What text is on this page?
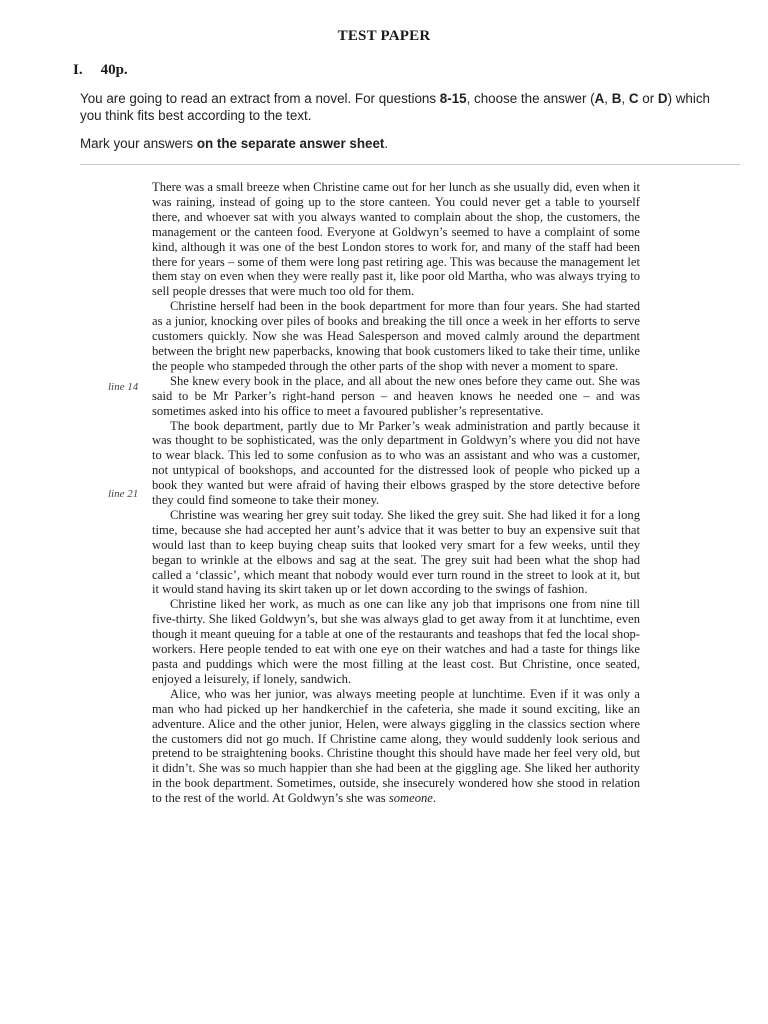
TEST PAPER
I. 40p.
You are going to read an extract from a novel. For questions 8-15, choose the answer (A, B, C or D) which you think fits best according to the text.
Mark your answers on the separate answer sheet.
line 14
line 21

There was a small breeze when Christine came out for her lunch as she usually did, even when it was raining, instead of going up to the store canteen. You could never get a table to yourself there, and whoever sat with you always wanted to complain about the shop, the customers, the management or the canteen food. Everyone at Goldwyn’s seemed to have a complaint of some kind, although it was one of the best London stores to work for, and many of the staff had been there for years – some of them were long past retiring age. This was because the management let them stay on even when they were really past it, like poor old Martha, who was always trying to sell people dresses that were much too old for them.

Christine herself had been in the book department for more than four years. She had started as a junior, knocking over piles of books and breaking the till once a week in her efforts to serve customers quickly. Now she was Head Salesperson and moved calmly around the department between the bright new paperbacks, knowing that book customers liked to take their time, unlike the people who stampeded through the other parts of the shop with never a moment to spare.

She knew every book in the place, and all about the new ones before they came out. She was said to be Mr Parker’s right-hand person – and heaven knows he needed one – and was sometimes asked into his office to meet a favoured publisher’s representative.

The book department, partly due to Mr Parker’s weak administration and partly because it was thought to be sophisticated, was the only department in Goldwyn’s where you did not have to wear black. This led to some confusion as to who was an assistant and who was a customer, not untypical of bookshops, and accounted for the distressed look of people who picked up a book they wanted but were afraid of having their elbows grasped by the store detective before they could find someone to take their money.

Christine was wearing her grey suit today. She liked the grey suit. She had liked it for a long time, because she had accepted her aunt’s advice that it was better to buy an expensive suit that would last than to keep buying cheap suits that looked very smart for a few weeks, until they began to wrinkle at the elbows and sag at the seat. The grey suit had been what the shop had called a ‘classic’, which meant that nobody would ever turn round in the street to look at it, but it would stand having its skirt taken up or let down according to the swings of fashion.

Christine liked her work, as much as one can like any job that imprisons one from nine till five-thirty. She liked Goldwyn’s, but she was always glad to get away from it at lunchtime, even though it meant queuing for a table at one of the restaurants and teashops that fed the local shop-workers. Here people tended to eat with one eye on their watches and had a taste for things like pasta and puddings which were the most filling at the least cost. But Christine, once seated, enjoyed a leisurely, if lonely, sandwich.

Alice, who was her junior, was always meeting people at lunchtime. Even if it was only a man who had picked up her handkerchief in the cafeteria, she made it sound exciting, like an adventure. Alice and the other junior, Helen, were always giggling in the classics section where the customers did not go much. If Christine came along, they would suddenly look serious and pretend to be straightening books. Christine thought this should have made her feel very old, but it didn’t. She was so much happier than she had been at the giggling age. She liked her authority in the book department. Sometimes, outside, she insecurely wondered how she stood in relation to the rest of the world. At Goldwyn’s she was someone.
